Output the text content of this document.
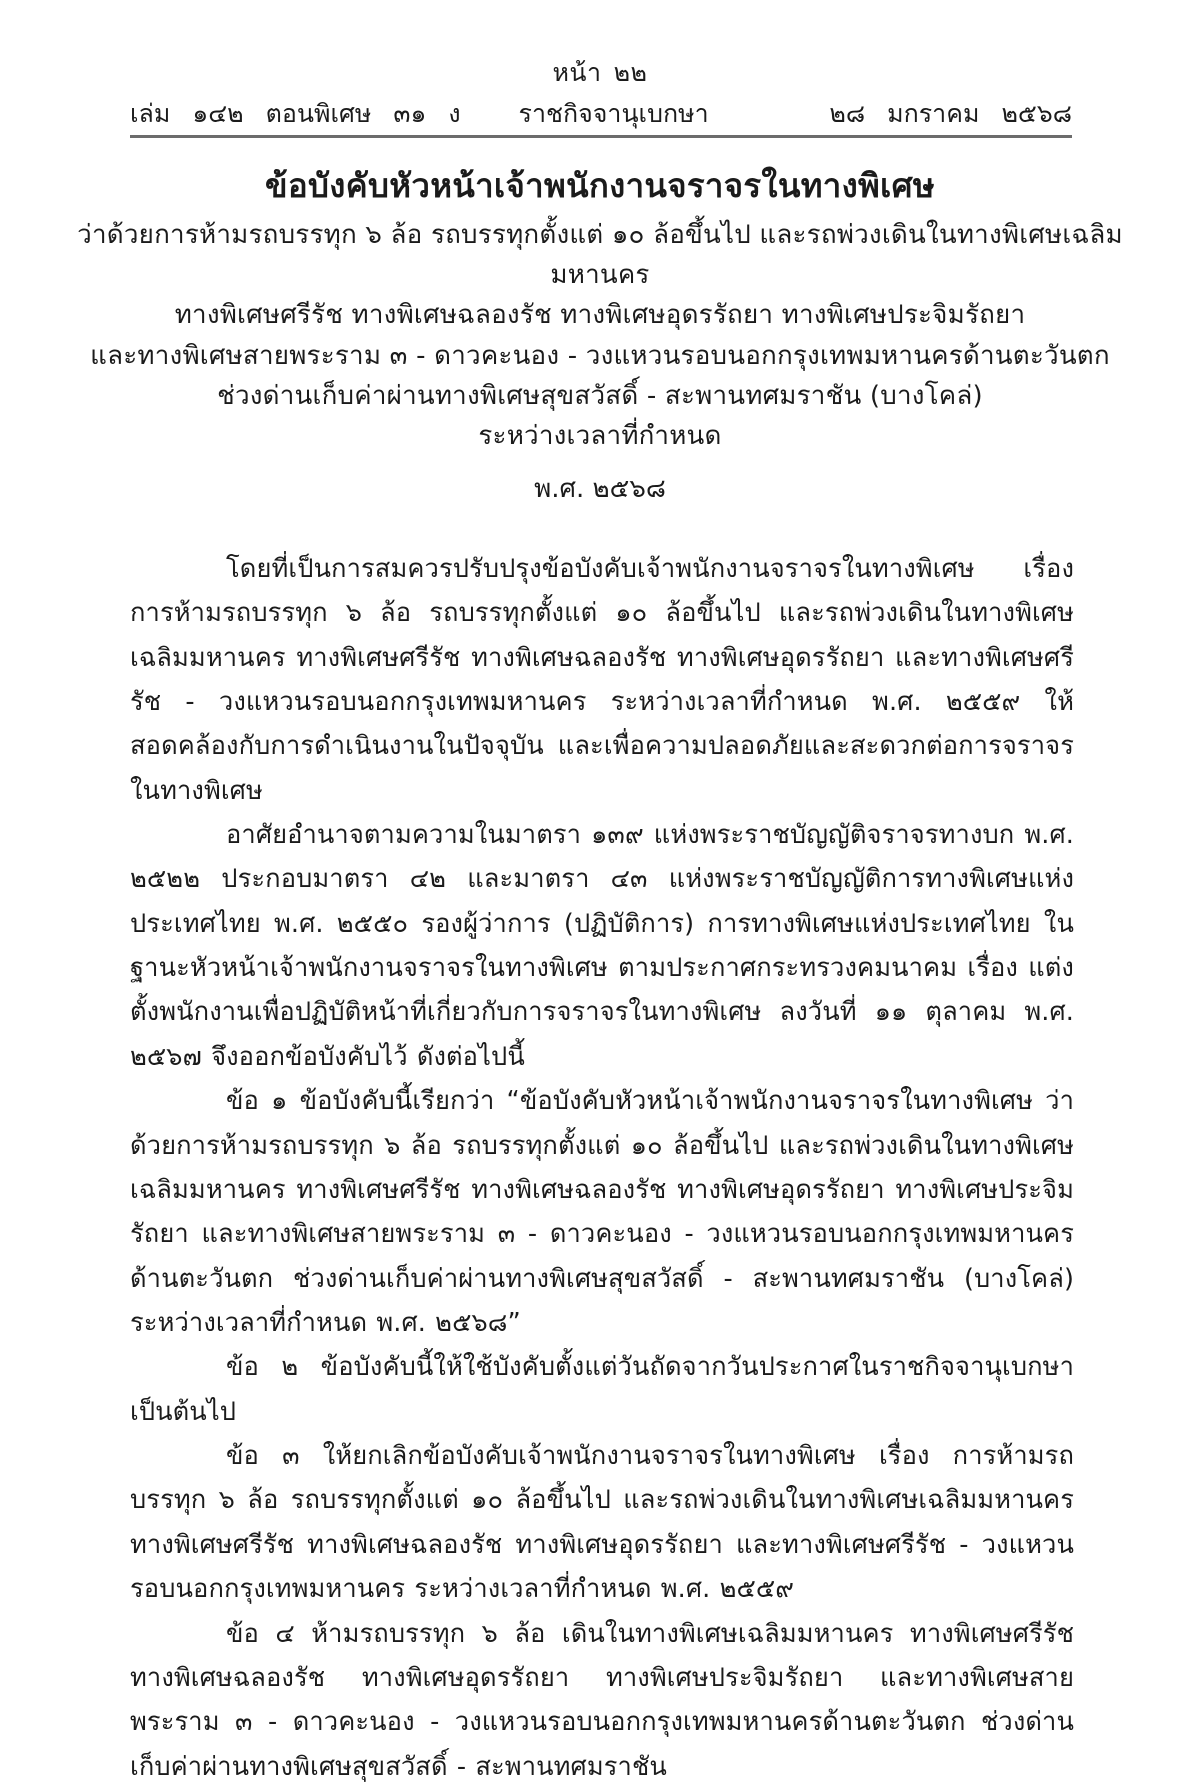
หน้า ๒๒
เล่ม ๑๔๒ ตอนพิเศษ ๓๑ ง ราชกิจจานุเบกษา	๒๘ มกราคม ๒๕๖๘
ข้อบังคับหัวหน้าเจ้าพนักงานจราจรในทางพิเศษ

ว่าด้วยการห้ามรถบรรทุก ๖ ล้อ รถบรรทุกตั้งแต่ ๑๐ ล้อขึ้นไป และรถพ่วงเดินในทางพิเศษเฉลิมมหานคร

ทางพิเศษศรีรัช ทางพิเศษฉลองรัช ทางพิเศษอุดรรัถยา ทางพิเศษประจิมรัถยา

และทางพิเศษสายพระราม ๓ - ดาวคะนอง - วงแหวนรอบนอกกรุงเทพมหานครด้านตะวันตก

ช่วงด่านเก็บค่าผ่านทางพิเศษสุขสวัสดิ์ - สะพานทศมราชัน (บางโคล่)

ระหว่างเวลาที่กำหนด

พ.ศ. ๒๕๖๘

โดยที่เป็นการสมควรปรับปรุงข้อบังคับเจ้าพนักงานจราจรในทางพิเศษ เรื่อง การห้ามรถบรรทุก ๖ ล้อ รถบรรทุกตั้งแต่ ๑๐ ล้อขึ้นไป และรถพ่วงเดินในทางพิเศษเฉลิมมหานคร ทางพิเศษศรีรัช ทางพิเศษฉลองรัช ทางพิเศษอุดรรัถยา และทางพิเศษศรีรัช - วงแหวนรอบนอกกรุงเทพมหานคร ระหว่างเวลาที่กำหนด พ.ศ. ๒๕๕๙ ให้สอดคล้องกับการดำเนินงานในปัจจุบัน และเพื่อความปลอดภัยและสะดวกต่อการจราจรในทางพิเศษ

อาศัยอำนาจตามความในมาตรา ๑๓๙ แห่งพระราชบัญญัติจราจรทางบก พ.ศ. ๒๕๒๒ ประกอบมาตรา ๔๒ และมาตรา ๔๓ แห่งพระราชบัญญัติการทางพิเศษแห่งประเทศไทย พ.ศ. ๒๕๕๐ รองผู้ว่าการ (ปฏิบัติการ) การทางพิเศษแห่งประเทศไทย ในฐานะหัวหน้าเจ้าพนักงานจราจรในทางพิเศษ ตามประกาศกระทรวงคมนาคม เรื่อง แต่งตั้งพนักงานเพื่อปฏิบัติหน้าที่เกี่ยวกับการจราจรในทางพิเศษ ลงวันที่ ๑๑ ตุลาคม พ.ศ. ๒๕๖๗ จึงออกข้อบังคับไว้ ดังต่อไปนี้

ข้อ ๑ ข้อบังคับนี้เรียกว่า “ข้อบังคับหัวหน้าเจ้าพนักงานจราจรในทางพิเศษ ว่าด้วยการห้ามรถบรรทุก ๖ ล้อ รถบรรทุกตั้งแต่ ๑๐ ล้อขึ้นไป และรถพ่วงเดินในทางพิเศษเฉลิมมหานคร ทางพิเศษศรีรัช ทางพิเศษฉลองรัช ทางพิเศษอุดรรัถยา ทางพิเศษประจิมรัถยา และทางพิเศษสายพระราม ๓ - ดาวคะนอง - วงแหวนรอบนอกกรุงเทพมหานครด้านตะวันตก ช่วงด่านเก็บค่าผ่านทางพิเศษสุขสวัสดิ์ - สะพานทศมราชัน (บางโคล่) ระหว่างเวลาที่กำหนด พ.ศ. ๒๕๖๘”

ข้อ ๒ ข้อบังคับนี้ให้ใช้บังคับตั้งแต่วันถัดจากวันประกาศในราชกิจจานุเบกษาเป็นต้นไป

ข้อ ๓ ให้ยกเลิกข้อบังคับเจ้าพนักงานจราจรในทางพิเศษ เรื่อง การห้ามรถบรรทุก ๖ ล้อ รถบรรทุกตั้งแต่ ๑๐ ล้อขึ้นไป และรถพ่วงเดินในทางพิเศษเฉลิมมหานคร ทางพิเศษศรีรัช ทางพิเศษฉลองรัช ทางพิเศษอุดรรัถยา และทางพิเศษศรีรัช - วงแหวนรอบนอกกรุงเทพมหานคร ระหว่างเวลาที่กำหนด พ.ศ. ๒๕๕๙

ข้อ ๔ ห้ามรถบรรทุก ๖ ล้อ เดินในทางพิเศษเฉลิมมหานคร ทางพิเศษศรีรัช ทางพิเศษฉลองรัช ทางพิเศษอุดรรัถยา ทางพิเศษประจิมรัถยา และทางพิเศษสายพระราม ๓ - ดาวคะนอง - วงแหวนรอบนอกกรุงเทพมหานครด้านตะวันตก ช่วงด่านเก็บค่าผ่านทางพิเศษสุขสวัสดิ์ - สะพานทศมราชัน
